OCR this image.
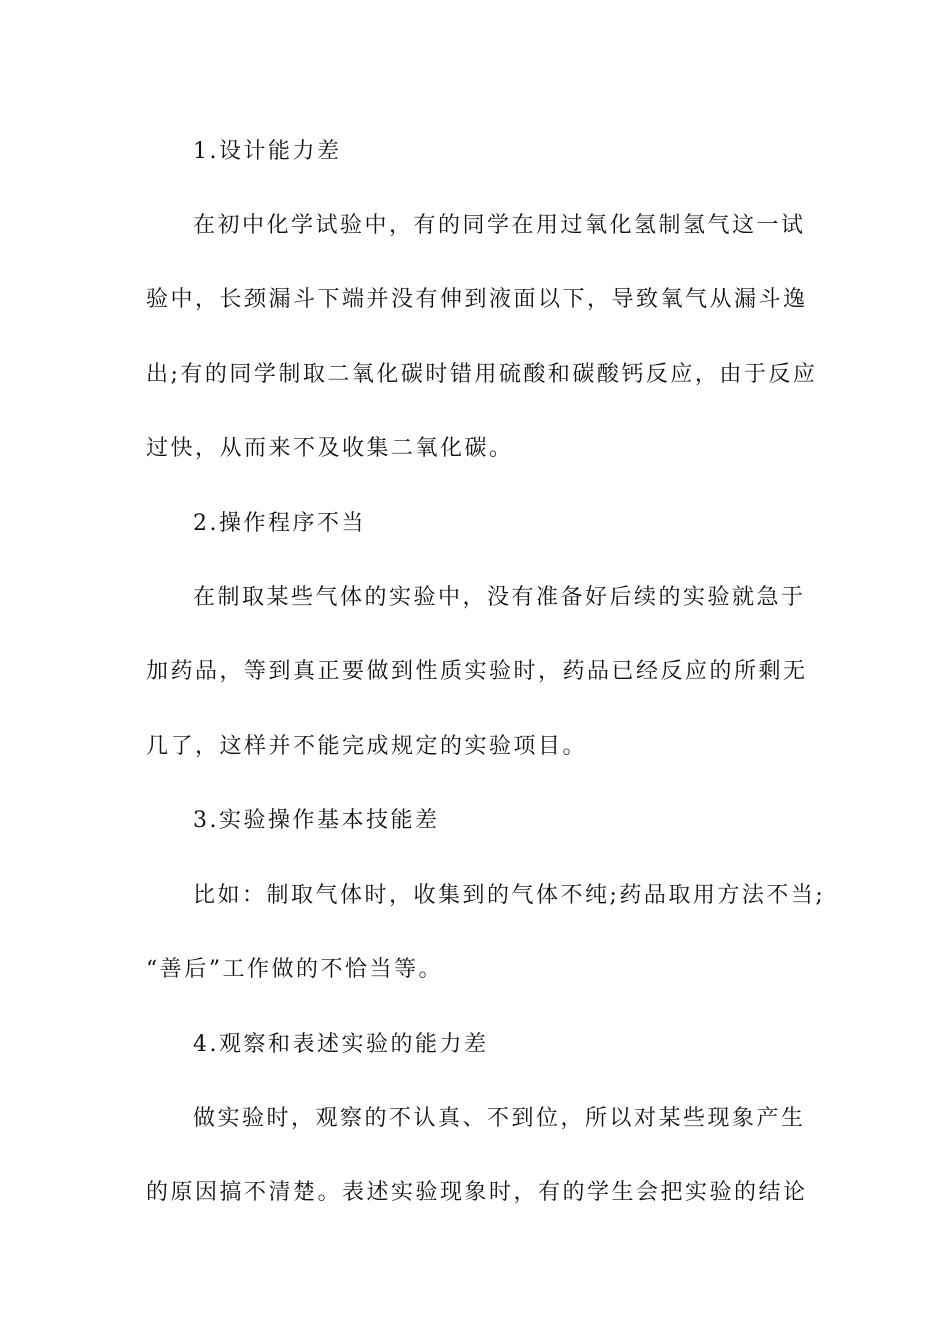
1.设计能力差
在初中化学试验中，有的同学在用过氧化氢制氢气这一试
验中，长颈漏斗下端并没有伸到液面以下，导致氧气从漏斗逸
出;有的同学制取二氧化碳时错用硫酸和碳酸钙反应，由于反应
过快，从而来不及收集二氧化碳。
2.操作程序不当
在制取某些气体的实验中，没有准备好后续的实验就急于
加药品，等到真正要做到性质实验时，药品已经反应的所剩无
几了，这样并不能完成规定的实验项目。
3.实验操作基本技能差
比如：制取气体时，收集到的气体不纯;药品取用方法不当;
“善后”工作做的不恰当等。
4.观察和表述实验的能力差
做实验时，观察的不认真、不到位，所以对某些现象产生
的原因搞不清楚。表述实验现象时，有的学生会把实验的结论
